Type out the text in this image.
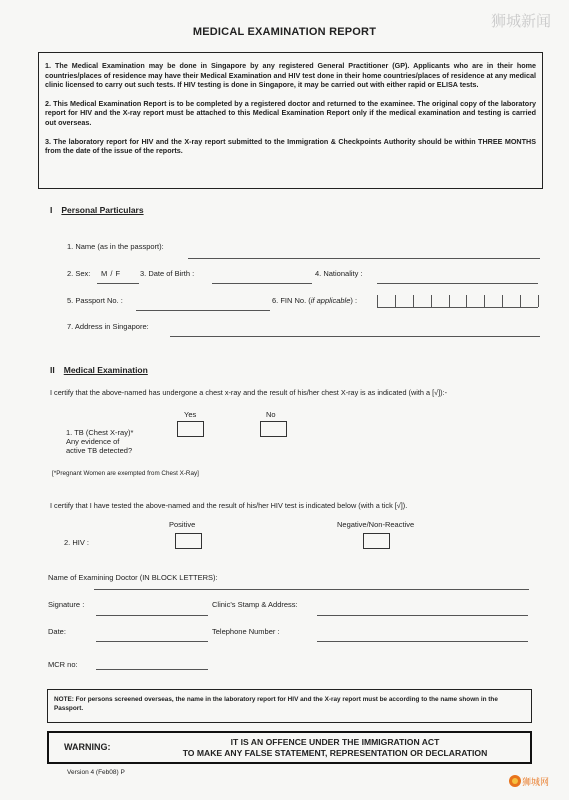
狮城新闻
MEDICAL EXAMINATION REPORT

1. The Medical Examination may be done in Singapore by any registered General Practitioner (GP). Applicants who are in their home countries/places of residence may have their Medical Examination and HIV test done in their home countries/places of residence at any medical clinic licensed to carry out such tests. If HIV testing is done in Singapore, it may be carried out with either rapid or ELISA tests.

2. This Medical Examination Report is to be completed by a registered doctor and returned to the examinee. The original copy of the laboratory report for HIV and the X-ray report must be attached to this Medical Examination Report only if the medical examination and testing is carried out overseas.

3. The laboratory report for HIV and the X-ray report submitted to the Immigration & Checkpoints Authority should be within THREE MONTHS from the date of the issue of the reports.

I Personal Particulars
1. Name (as in the passport):
2. Sex: M / F	3. Date of Birth :	4. Nationality :
5. Passport No. :	6. FIN No. (if applicable) :
7. Address in Singapore:
II Medical Examination
I certify that the above-named has undergone a chest x-ray and the result of his/her chest X-ray is as indicated (with a [√]):-
Yes	No
1. TB (Chest X-ray)*
Any evidence of
active TB detected?
[*Pregnant Women are exempted from Chest X-Ray]
I certify that I have tested the above-named and the result of his/her HIV test is indicated below (with a tick [√]).
Positive	Negative/Non-Reactive
2. HIV :
Name of Examining Doctor (IN BLOCK LETTERS):
Signature :	Clinic's Stamp & Address:
Date:	Telephone Number :
MCR no:
NOTE: For persons screened overseas, the name in the laboratory report for HIV and the X-ray report must be according to the name shown in the Passport.
WARNING:	IT IS AN OFFENCE UNDER THE IMMIGRATION ACT
TO MAKE ANY FALSE STATEMENT, REPRESENTATION OR DECLARATION
Version 4 (Feb08) P
狮城网
